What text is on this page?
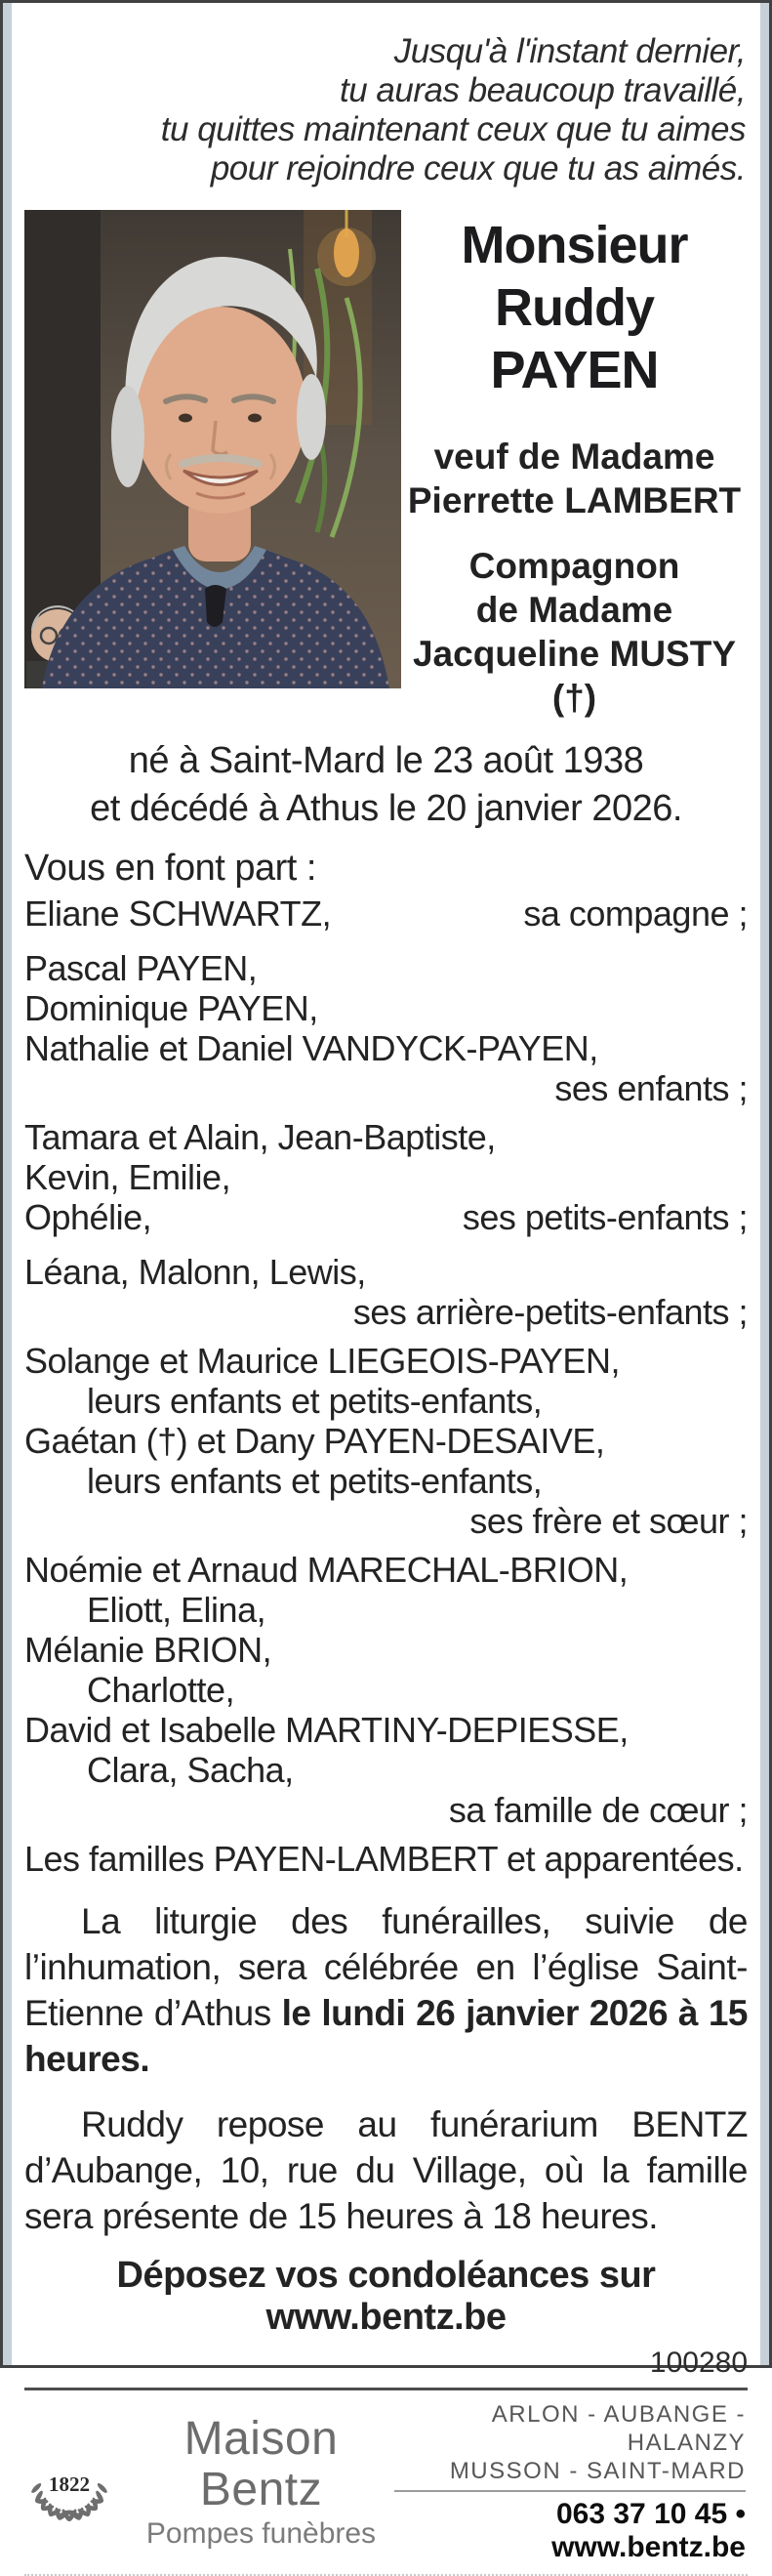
Jusqu'à l'instant dernier,
tu auras beaucoup travaillé,
tu quittes maintenant ceux que tu aimes
pour rejoindre ceux que tu as aimés.
Monsieur
Ruddy
PAYEN
veuf de Madame
Pierrette LAMBERT
Compagnon
de Madame
Jacqueline MUSTY (†)
né à Saint-Mard le 23 août 1938
et décédé à Athus le 20 janvier 2026.
Vous en font part :
Eliane SCHWARTZ,	sa compagne ;
Pascal PAYEN,
Dominique PAYEN,
Nathalie et Daniel VANDYCK-PAYEN,
ses enfants ;
Tamara et Alain, Jean-Baptiste,
Kevin, Emilie,
Ophélie,	ses petits-enfants ;
Léana, Malonn, Lewis,
ses arrière-petits-enfants ;
Solange et Maurice LIEGEOIS-PAYEN,
leurs enfants et petits-enfants,
Gaétan (†) et Dany PAYEN-DESAIVE,
leurs enfants et petits-enfants,
ses frère et sœur ;
Noémie et Arnaud MARECHAL-BRION,
Eliott, Elina,
Mélanie BRION,
Charlotte,
David et Isabelle MARTINY-DEPIESSE,
Clara, Sacha,
sa famille de cœur ;
Les familles PAYEN-LAMBERT et apparentées.
La liturgie des funérailles, suivie de l’inhumation, sera célébrée en l’église Saint-Etienne d’Athus le lundi 26 janvier 2026 à 15 heures.
Ruddy repose au funérarium BENTZ d’Aubange, 10, rue du Village, où la famille sera présente de 15 heures à 18 heures.
Déposez vos condoléances sur www.bentz.be
100280
1822
Maison Bentz
Pompes funèbres
ARLON - AUBANGE - HALANZY
MUSSON - SAINT-MARD
063 37 10 45 • www.bentz.be
